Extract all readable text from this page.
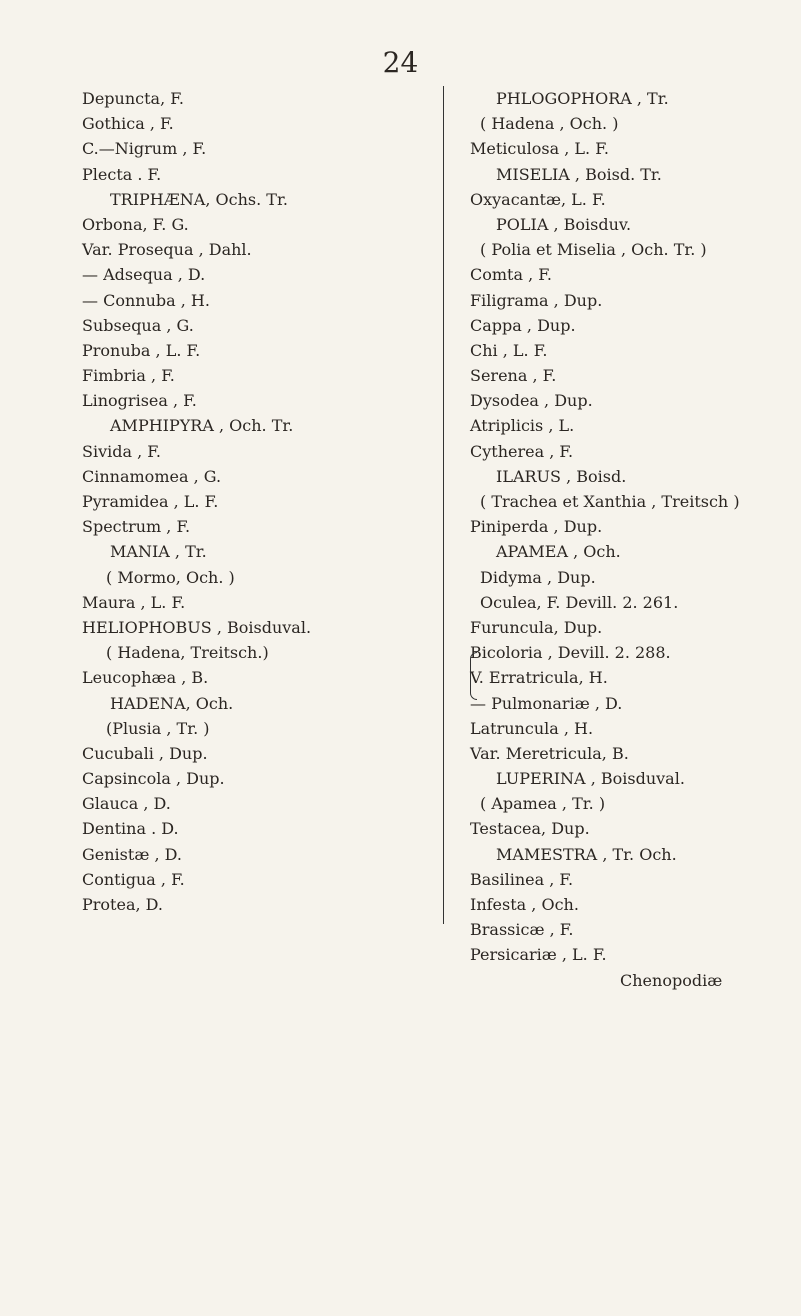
24
Depuncta, F.
Gothica , F.
C.—Nigrum , F.
Plecta . F.
TRIPHÆNA, Ochs. Tr.
Orbona, F. G.
Var. Prosequa , Dahl.
— Adsequa , D.
— Connuba , H.
Subsequa , G.
Pronuba , L. F.
Fimbria , F.
Linogrisea , F.
AMPHIPYRA , Och. Tr.
Sivida , F.
Cinnamomea , G.
Pyramidea , L. F.
Spectrum , F.
MANIA , Tr.
( Mormo, Och. )
Maura , L. F.
HELIOPHOBUS , Boisduval.
( Hadena, Treitsch.)
Leucophæa , B.
HADENA, Och.
(Plusia , Tr. )
Cucubali , Dup.
Capsincola , Dup.
Glauca , D.
Dentina . D.
Genistæ , D.
Contigua , F.
Protea, D.
PHLOGOPHORA , Tr.
( Hadena , Och. )
Meticulosa , L. F.
MISELIA , Boisd. Tr.
Oxyacantæ, L. F.
POLIA , Boisduv.
( Polia et Miselia , Och. Tr. )
Comta , F.
Filigrama , Dup.
Cappa , Dup.
Chi , L. F.
Serena , F.
Dysodea , Dup.
Atriplicis , L.
Cytherea , F.
ILARUS , Boisd.
( Trachea et Xanthia , Treitsch )
Piniperda , Dup.
APAMEA , Och.
Didyma , Dup.
Oculea, F. Devill. 2. 261.
Furuncula, Dup.
Bicoloria , Devill. 2. 288.
V. Erratricula, H.
— Pulmonariæ , D.
Latruncula , H.
Var. Meretricula, B.
LUPERINA , Boisduval.
( Apamea , Tr. )
Testacea, Dup.
MAMESTRA , Tr. Och.
Basilinea , F.
Infesta , Och.
Brassicæ , F.
Persicariæ , L. F.
Chenopodiæ
